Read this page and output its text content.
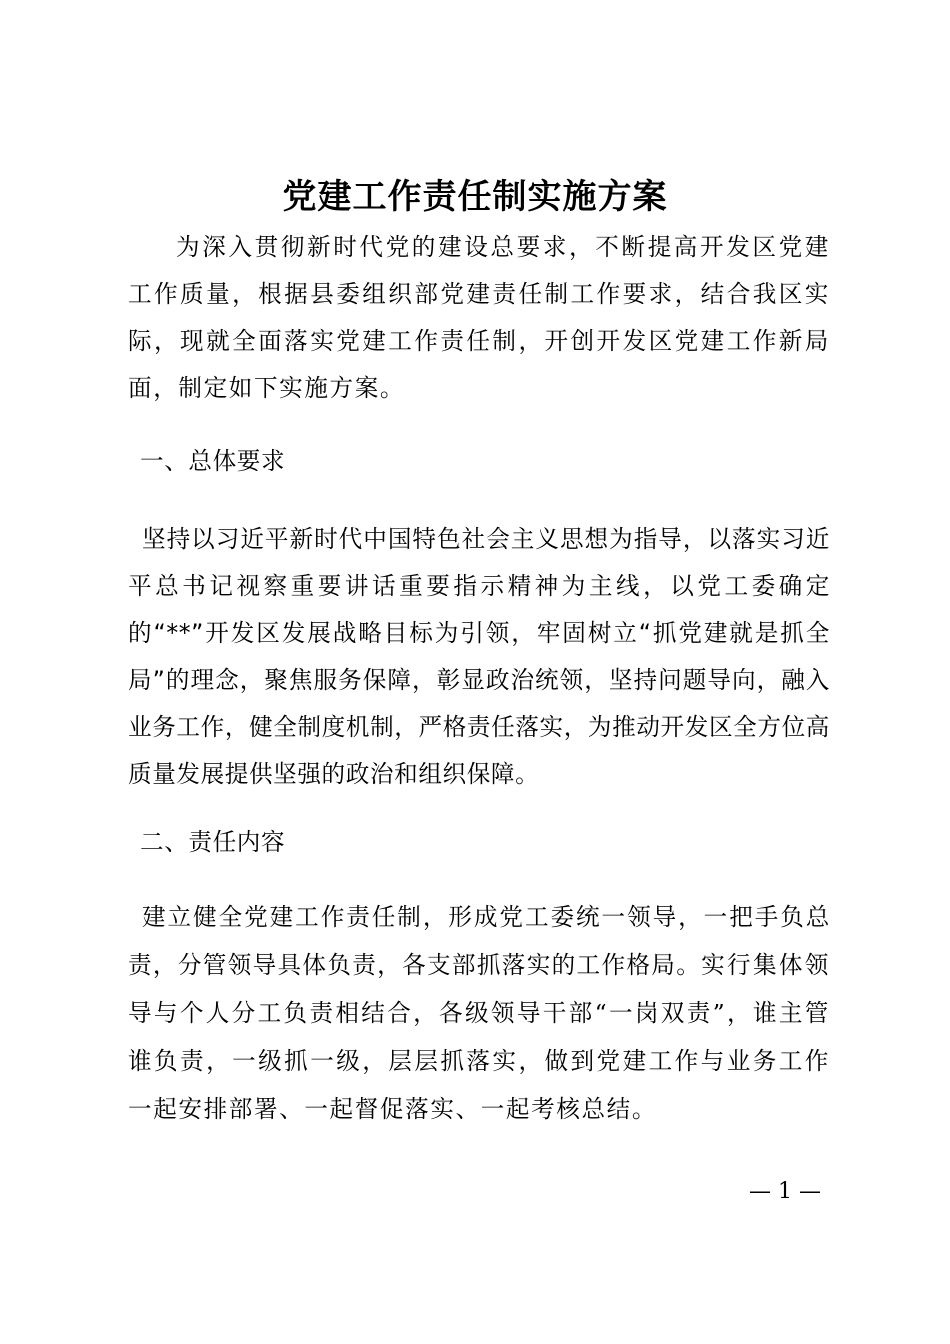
党建工作责任制实施方案

为深入贯彻新时代党的建设总要求，不断提高开发区党建工作质量，根据县委组织部党建责任制工作要求，结合我区实际，现就全面落实党建工作责任制，开创开发区党建工作新局面，制定如下实施方案。

一、总体要求

坚持以习近平新时代中国特色社会主义思想为指导，以落实习近平总书记视察重要讲话重要指示精神为主线，以党工委确定的“**”开发区发展战略目标为引领，牢固树立“抓党建就是抓全局”的理念，聚焦服务保障，彰显政治统领，坚持问题导向，融入业务工作，健全制度机制，严格责任落实，为推动开发区全方位高质量发展提供坚强的政治和组织保障。

二、责任内容

建立健全党建工作责任制，形成党工委统一领导，一把手负总责，分管领导具体负责，各支部抓落实的工作格局。实行集体领导与个人分工负责相结合，各级领导干部“一岗双责”，谁主管谁负责，一级抓一级，层层抓落实，做到党建工作与业务工作一起安排部署、一起督促落实、一起考核总结。

— 1 —
